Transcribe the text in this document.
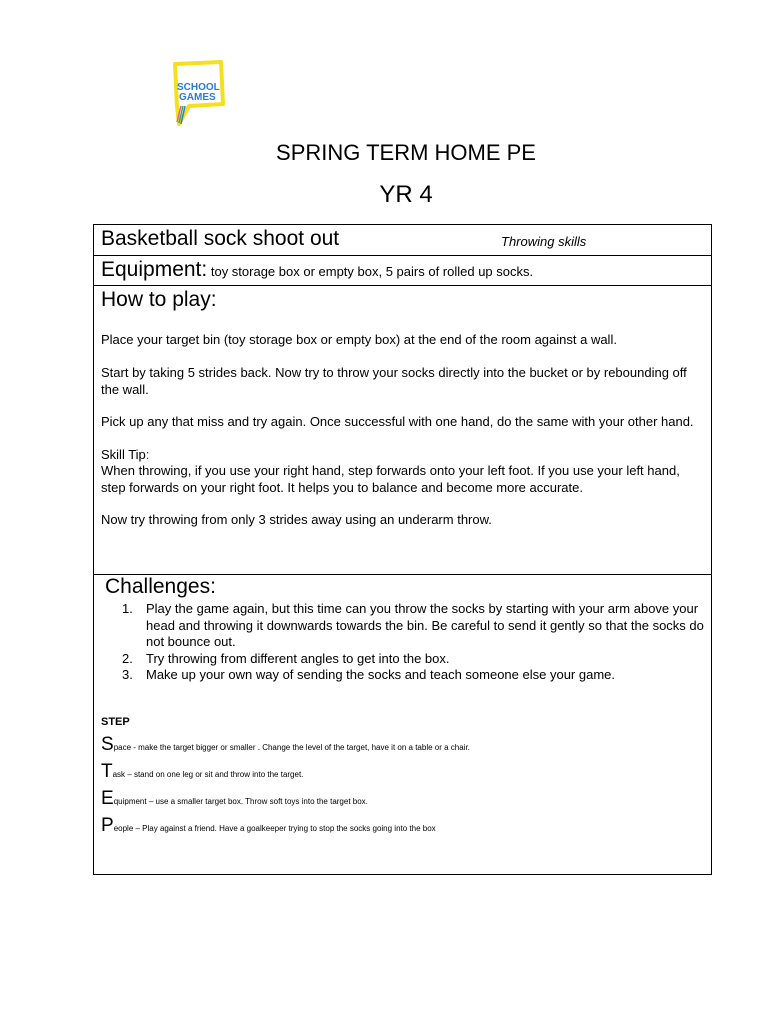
SCHOOL
GAMES
SPRING TERM HOME PE
YR 4
Basketball sock shoot out	Throwing skills
Equipment: toy storage box or empty box, 5 pairs of rolled up socks.
How to play:
Place your target bin (toy storage box or empty box) at the end of the room against a wall.
Start by taking 5 strides back. Now try to throw your socks directly into the bucket or by rebounding off the wall.
Pick up any that miss and try again. Once successful with one hand, do the same with your other hand.
Skill Tip:
When throwing, if you use your right hand, step forwards onto your left foot. If you use your left hand, step forwards on your right foot. It helps you to balance and become more accurate.
Now try throwing from only 3 strides away using an underarm throw.
Challenges:
1. Play the game again, but this time can you throw the socks by starting with your arm above your head and throwing it downwards towards the bin. Be careful to send it gently so that the socks do not bounce out.
2. Try throwing from different angles to get into the box.
3. Make up your own way of sending the socks and teach someone else your game.
STEP
Space - make the target bigger or smaller . Change the level of the target, have it on a table or a chair.
Task – stand on one leg or sit and throw into the target.
Equipment – use a smaller target box. Throw soft toys into the target box.
People – Play against a friend. Have a goalkeeper trying to stop the socks going into the box
